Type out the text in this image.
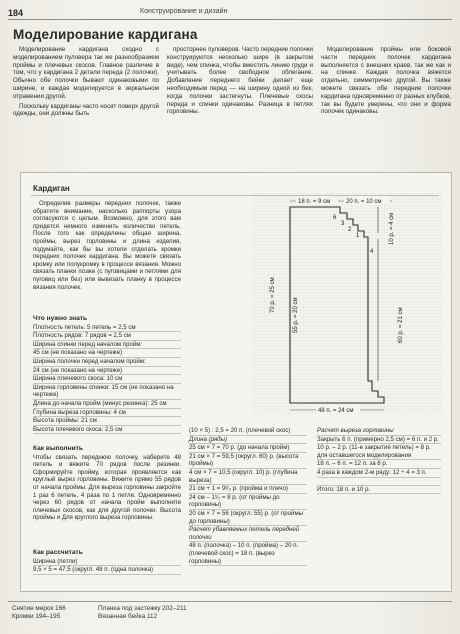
184	Конструирование и дизайн
Моделирование кардигана

Моделирование кардигана сходно с моделированием пуловера так же разнообразием проймы и плечевых скосов. Главное различие в том, что у кардигана 2 детали переда (2 полочки). Обычно обе полочки бывают одинаковыми по ширине, и каждая моделируется в зеркальном отражении другой.

Поскольку кардиганы часто носят поверх другой одежды, они должны быть

просторнее пуловеров. Часто передние полочки конструируются несколько шире (в закрытом виде), чем спинка, чтобы вместить линию груди и учитывать более свободное облегание. Добавление переднего бейки делает еще необходимым перед — на ширину одной из бек, когда полочки застегнуты. Плечевые скосы переда и спинки одинаковы. Разница в петлях горловины.

Моделирование проймы или боковой части передних полочек кардигана выполняется с внешних краев, так же как и на спинке. Каждая полочка вяжется отдельно, симметрично другой. Вы также можете связать обе передние полочки кардигана одновременно от разных клубков, так вы будете уверены, что они и форма полочек одинаковы.

Кардиган

Определив размеры передних полочек, также обратите внимание, насколько раппорты узора согласуются с целым. Возможно, для этого вам придется немного изменить количество петель. После того как определены общая ширина, проймы, вырез горловины и длина изделия, подумайте, как бы вы хотели отделать кромки передних полочек кардигана. Вы можете связать кромку или полукромку в процессе вязания. Можно связать планки позже (с пуговицами и петлями для пуговиц или без) или вывязать планку в процессе вязания полочек.

Что нужно знать
Плотность петель: 5 петель = 2,5 см
Плотность рядов: 7 рядов = 2,5 см
Ширина спинки перед началом пройм:
45 см (не показано на чертеже)
Ширина полочки перед началом пройм:
24 см (не показано на чертеже)
Ширина плечевого скоса: 10 см
Ширина горловины спинки: 15 см (не показано на чертеже)
Длина до начала пройм (минус резинка): 25 см
Глубина выреза горловины: 4 см
Высота проймы: 21 см
Высота плечевого скоса: 2,5 см
Как выполнить

Чтобы связать переднюю полочку, наберите 48 петель и вяжите 70 рядов после резинки. Сформируйте пройму, которая проявляется как круглый вырез горловины. Вяжите прямо 55 рядов от начала проймы. Для выреза горловины закройте 1 раз 6 петель, 4 раза по 1 петле. Одновременно через 60 рядов от начала пройм выполните плечевых скосов, как для другой полочки. Высота проймы и Для круглого выреза горловины.

Как рассчитать
Ширина (петли)
9,5 × 5 = 47,5 (округл. 48 п. (одна полочка)
(10 × 5) : 2,5 = 20 п. (плечевой скос)
Длина (ряды)
25 см × 7 = 70 р. (до начала пройм)
21 см × 7 = 59,5 (округл. 60) р. (высота проймы)
4 см × 7 = 10,5 (округл. 10) р. (глубина выреза)
21 см + 1 = 9²⁄₃ р. (пройма и плечо)
24 см – 1¹⁄₂ = 8 р. (от проймы до горловины)
20 см × 7 = 56 (округл. 55) р. (от проймы до горловины)
Расчет убавляемых петель передней полочки
48 п. (полочка) – 10 п. (пройма) – 20 п. (плечевой скос) = 18 п. (вырез горловины)
Расчет выреза горловины
Закрыть 6 п. (примерно 2,5 см) = 6 п. и 2 р.
10 р. – 2 р. (11-е закрытие петель) = 8 р. для оставшегося моделирования
18 п. – 6 п. = 12 п. за 8 р.
4 раза в каждом 2-м ряду: 12 ÷ 4 = 3 п.
Итого: 18 п. и 10 р.
18 п. = 9 см	20 п. = 10 см
6
3
2
1	10 р. = 4 см
60 р. = 21 см
55 р. = 20 см
70 р. = 25 см
4
48 п. = 24 см
Снятие мерок 166
Кромки 194–195
Планка под застежку 202–211
Вязанная бейка 112
